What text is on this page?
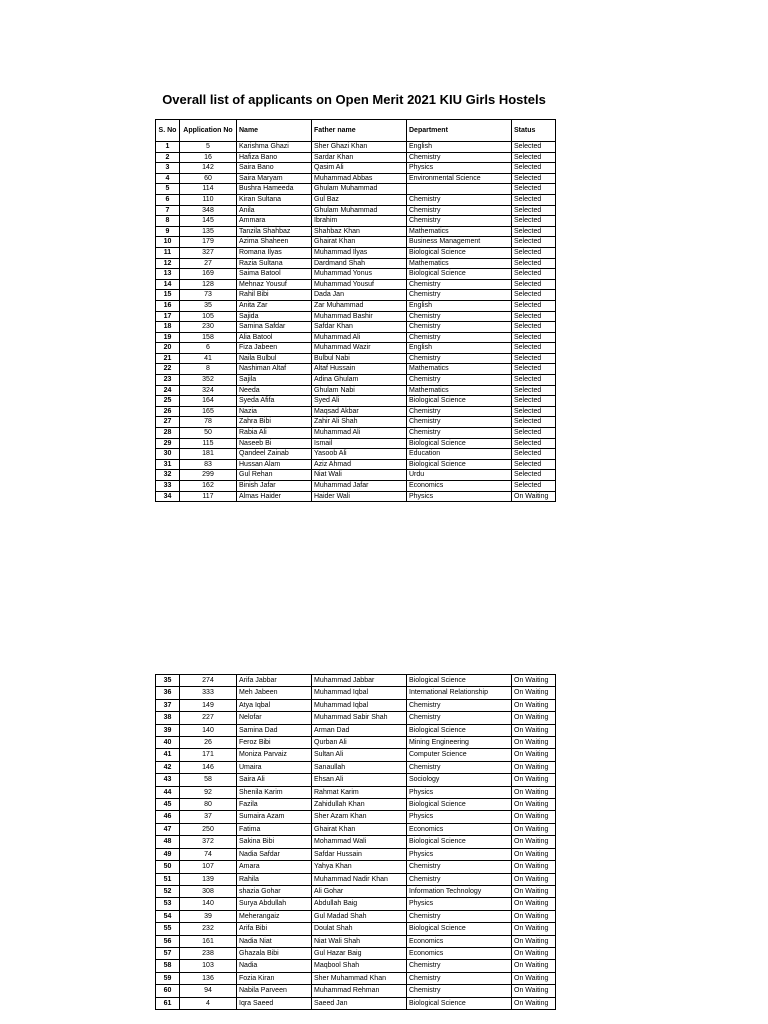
Overall list of applicants on Open Merit 2021 KIU Girls Hostels
S. No	Application No	Name	Father name	Department	Status
1	5	Karishma Ghazi	Sher Ghazi Khan	English	Selected
2	16	Hafiza Bano	Sardar Khan	Chemistry	Selected
3	142	Saira Bano	Qasim Ali	Physics	Selected
4	60	Saira Maryam	Muhammad Abbas	Environmental Science	Selected
5	114	Bushra Hameeda	Ghulam Muhammad		Selected
6	110	Kiran Sultana	Gul Baz	Chemistry	Selected
7	348	Anila	Ghulam Muhammad	Chemistry	Selected
8	145	Ammara	Ibrahim	Chemistry	Selected
9	135	Tanzila Shahbaz	Shahbaz Khan	Mathematics	Selected
10	179	Azima Shaheen	Ghairat Khan	Business Management	Selected
11	327	Romana Ilyas	Muhammad Ilyas	Biological Science	Selected
12	27	Razia Sultana	Dardmand Shah	Mathematics	Selected
13	169	Saima Batool	Muhammad Yonus	Biological Science	Selected
14	128	Mehnaz Yousuf	Muhammad Yousuf	Chemistry	Selected
15	73	Rahil Bibi	Dada Jan	Chemistry	Selected
16	35	Anita Zar	Zar Muhammad	English	Selected
17	105	Sajida	Muhammad Bashir	Chemistry	Selected
18	230	Samina Safdar	Safdar Khan	Chemistry	Selected
19	158	Alia Batool	Muhammad Ali	Chemistry	Selected
20	6	Fiza Jabeen	Muhammad Wazir	English	Selected
21	41	Naila Bulbul	Bulbul Nabi	Chemistry	Selected
22	8	Nashiman Altaf	Altaf Hussain	Mathematics	Selected
23	352	Sajila	Adina Ghulam	Chemistry	Selected
24	324	Needa	Ghulam Nabi	Mathematics	Selected
25	164	Syeda Afifa	Syed Ali	Biological Science	Selected
26	165	Nazia	Maqsad Akbar	Chemistry	Selected
27	78	Zahra Bibi	Zahir Ali Shah	Chemistry	Selected
28	50	Rabia Ali	Muhammad Ali	Chemistry	Selected
29	115	Naseeb Bi	Ismail	Biological Science	Selected
30	181	Qandeel Zainab	Yasoob Ali	Education	Selected
31	83	Hussan Alam	Aziz Ahmad	Biological Science	Selected
32	299	Gul Rehan	Niat Wali	Urdu	Selected
33	162	Binish Jafar	Muhammad Jafar	Economics	Selected
34	117	Almas Haider	Haider Wali	Physics	On Waiting
35	274	Arifa Jabbar	Muhammad Jabbar	Biological Science	On Waiting
36	333	Meh Jabeen	Muhammad Iqbal	International Relationship	On Waiting
37	149	Atya Iqbal	Muhammad Iqbal	Chemistry	On Waiting
38	227	Nelofar	Muhammad Sabir Shah	Chemistry	On Waiting
39	140	Samina Dad	Arman Dad	Biological Science	On Waiting
40	26	Feroz Bibi	Qurban Ali	Mining Engineering	On Waiting
41	171	Moniza Parvaiz	Sultan Ali	Computer Science	On Waiting
42	146	Umaira	Sanaullah	Chemistry	On Waiting
43	58	Saira Ali	Ehsan Ali	Sociology	On Waiting
44	92	Shenila Karim	Rahmat Karim	Physics	On Waiting
45	80	Fazila	Zahidullah Khan	Biological Science	On Waiting
46	37	Sumaira Azam	Sher Azam Khan	Physics	On Waiting
47	250	Fatima	Ghairat Khan	Economics	On Waiting
48	372	Sakina Bibi	Mohammad Wali	Biological Science	On Waiting
49	74	Nadia Safdar	Safdar Hussain	Physics	On Waiting
50	107	Amara	Yahya Khan	Chemistry	On Waiting
51	139	Rahila	Muhammad Nadir Khan	Chemistry	On Waiting
52	308	shazia Gohar	Ali Gohar	Information Technology	On Waiting
53	140	Surya Abdullah	Abdullah Baig	Physics	On Waiting
54	39	Meherangaiz	Gul Madad Shah	Chemistry	On Waiting
55	232	Arifa Bibi	Doulat Shah	Biological Science	On Waiting
56	161	Nadia Niat	Niat Wali Shah	Economics	On Waiting
57	238	Ghazala Bibi	Gul Hazar Baig	Economics	On Waiting
58	103	Nadia	Maqbool Shah	Chemistry	On Waiting
59	136	Fozia Kiran	Sher Muhammad Khan	Chemistry	On Waiting
60	94	Nabila Parveen	Muhammad Rehman	Chemistry	On Waiting
61	4	Iqra Saeed	Saeed Jan	Biological Science	On Waiting
